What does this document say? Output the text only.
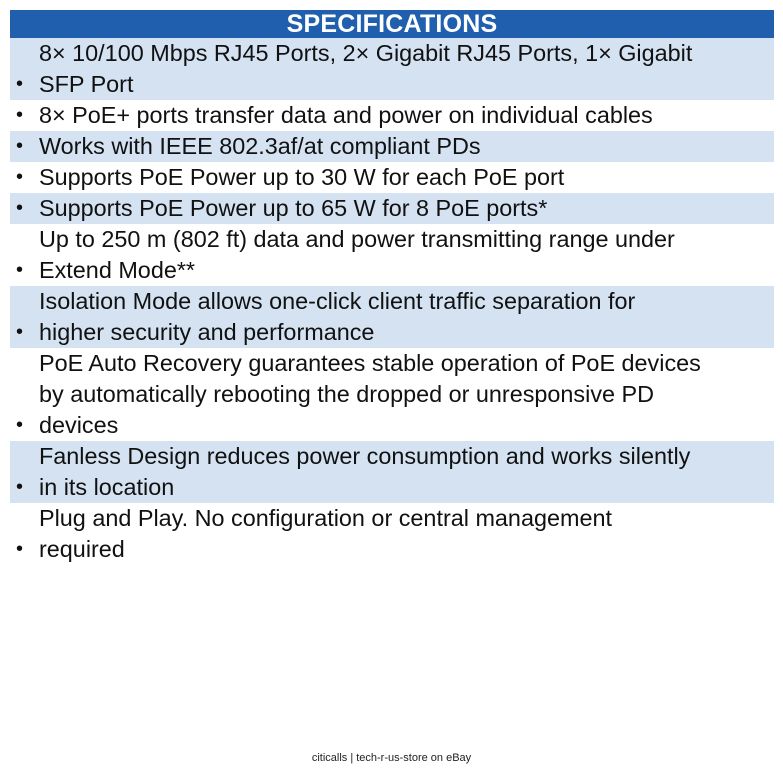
SPECIFICATIONS
•
8× 10/100 Mbps RJ45 Ports, 2× Gigabit RJ45 Ports, 1× Gigabit
SFP Port
• 8× PoE+ ports transfer data and power on individual cables
• Works with IEEE 802.3af/at compliant PDs
• Supports PoE Power up to 30 W for each PoE port
• Supports PoE Power up to 65 W for 8 PoE ports*
•
Up to 250 m (802 ft) data and power transmitting range under
Extend Mode**
•
Isolation Mode allows one-click client traffic separation for
higher security and performance
•
PoE Auto Recovery guarantees stable operation of PoE devices
by automatically rebooting the dropped or unresponsive PD
devices
•
Fanless Design reduces power consumption and works silently
in its location
•
Plug and Play. No configuration or central management
required
citicalls | tech-r-us-store on eBay
